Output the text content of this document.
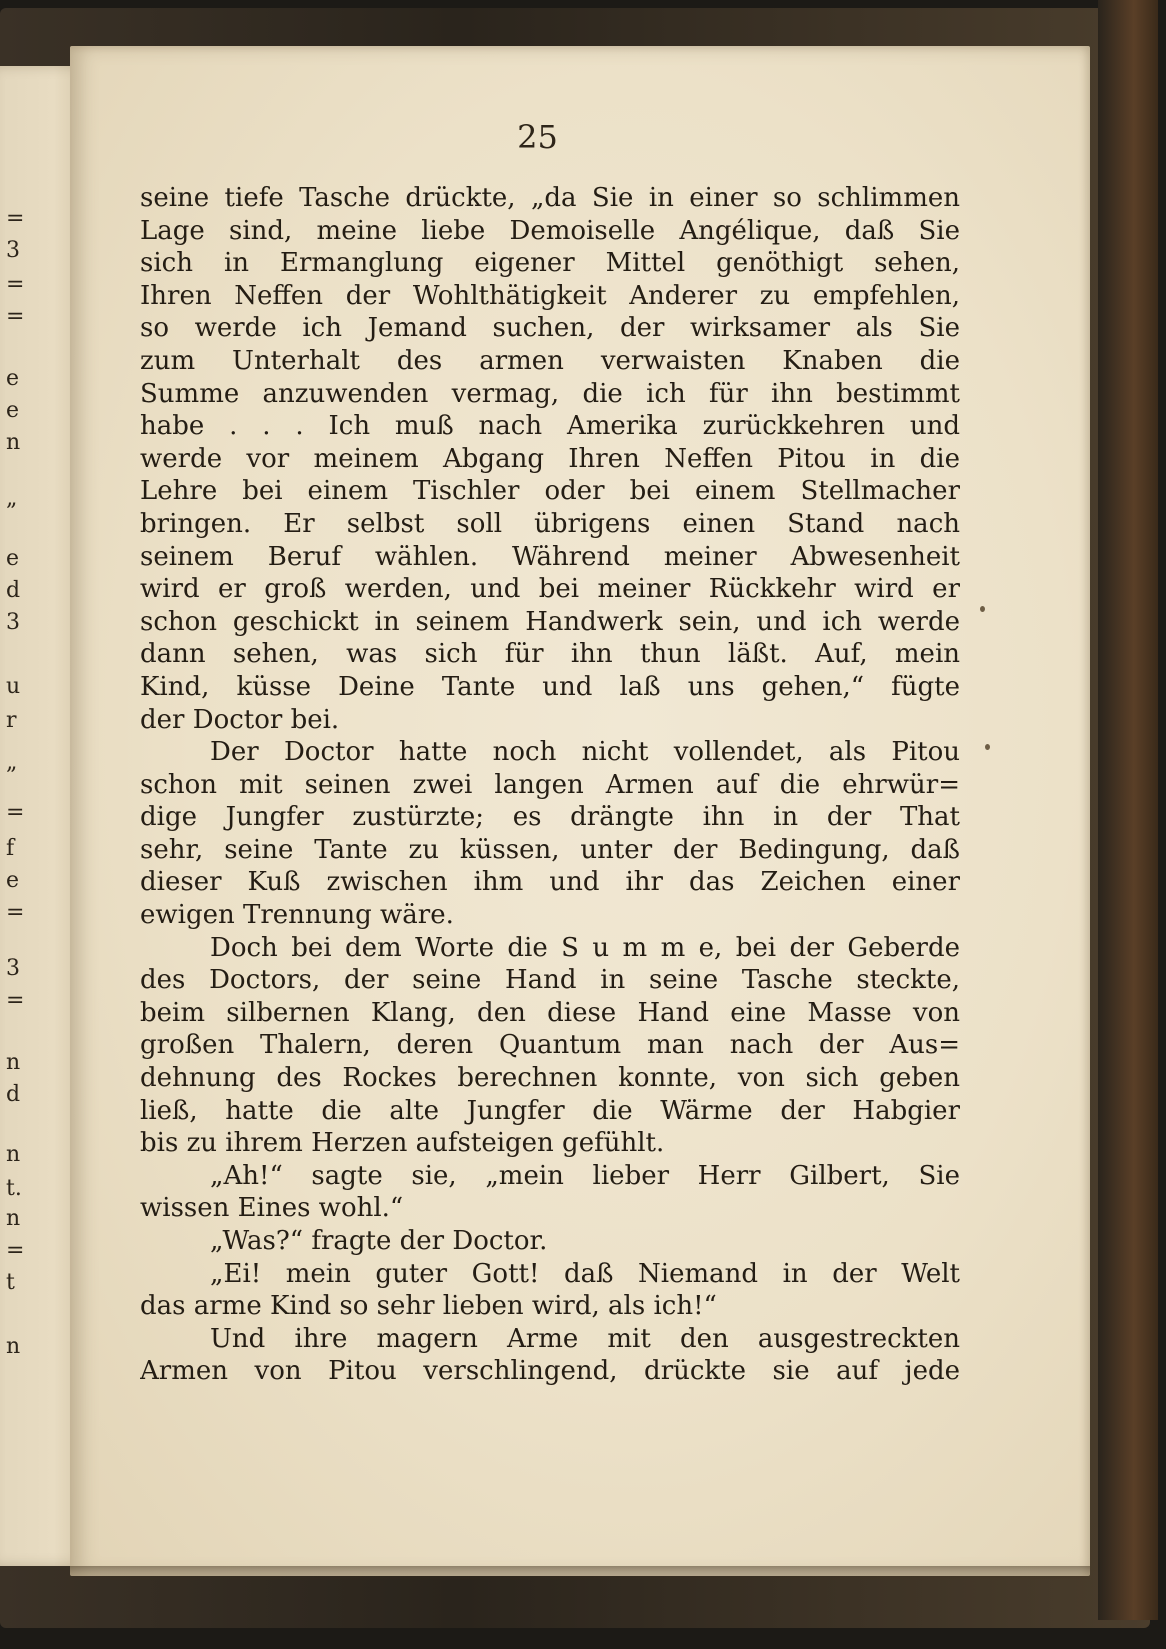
=
3
=
=
e
e
n
„
e
d
3
u
r
„
=
f
e
=
3
=
n
d
n
t.
n
=
t
n
25
seine tiefe Tasche drückte, „da Sie in einer so schlimmen
Lage sind, meine liebe Demoiselle Angélique, daß Sie
sich in Ermanglung eigener Mittel genöthigt sehen,
Ihren Neffen der Wohlthätigkeit Anderer zu empfehlen,
so werde ich Jemand suchen, der wirksamer als Sie
zum Unterhalt des armen verwaisten Knaben die
Summe anzuwenden vermag, die ich für ihn bestimmt
habe . . . Ich muß nach Amerika zurückkehren und
werde vor meinem Abgang Ihren Neffen Pitou in die
Lehre bei einem Tischler oder bei einem Stellmacher
bringen. Er selbst soll übrigens einen Stand nach
seinem Beruf wählen. Während meiner Abwesenheit
wird er groß werden, und bei meiner Rückkehr wird er
schon geschickt in seinem Handwerk sein, und ich werde
dann sehen, was sich für ihn thun läßt. Auf, mein
Kind, küsse Deine Tante und laß uns gehen,“ fügte
der Doctor bei.
Der Doctor hatte noch nicht vollendet, als Pitou
schon mit seinen zwei langen Armen auf die ehrwür=
dige Jungfer zustürzte; es drängte ihn in der That
sehr, seine Tante zu küssen, unter der Bedingung, daß
dieser Kuß zwischen ihm und ihr das Zeichen einer
ewigen Trennung wäre.
Doch bei dem Worte die S u m m e, bei der Geberde
des Doctors, der seine Hand in seine Tasche steckte,
beim silbernen Klang, den diese Hand eine Masse von
großen Thalern, deren Quantum man nach der Aus=
dehnung des Rockes berechnen konnte, von sich geben
ließ, hatte die alte Jungfer die Wärme der Habgier
bis zu ihrem Herzen aufsteigen gefühlt.
„Ah!“ sagte sie, „mein lieber Herr Gilbert, Sie
wissen Eines wohl.“
„Was?“ fragte der Doctor.
„Ei! mein guter Gott! daß Niemand in der Welt
das arme Kind so sehr lieben wird, als ich!“
Und ihre magern Arme mit den ausgestreckten
Armen von Pitou verschlingend, drückte sie auf jede
